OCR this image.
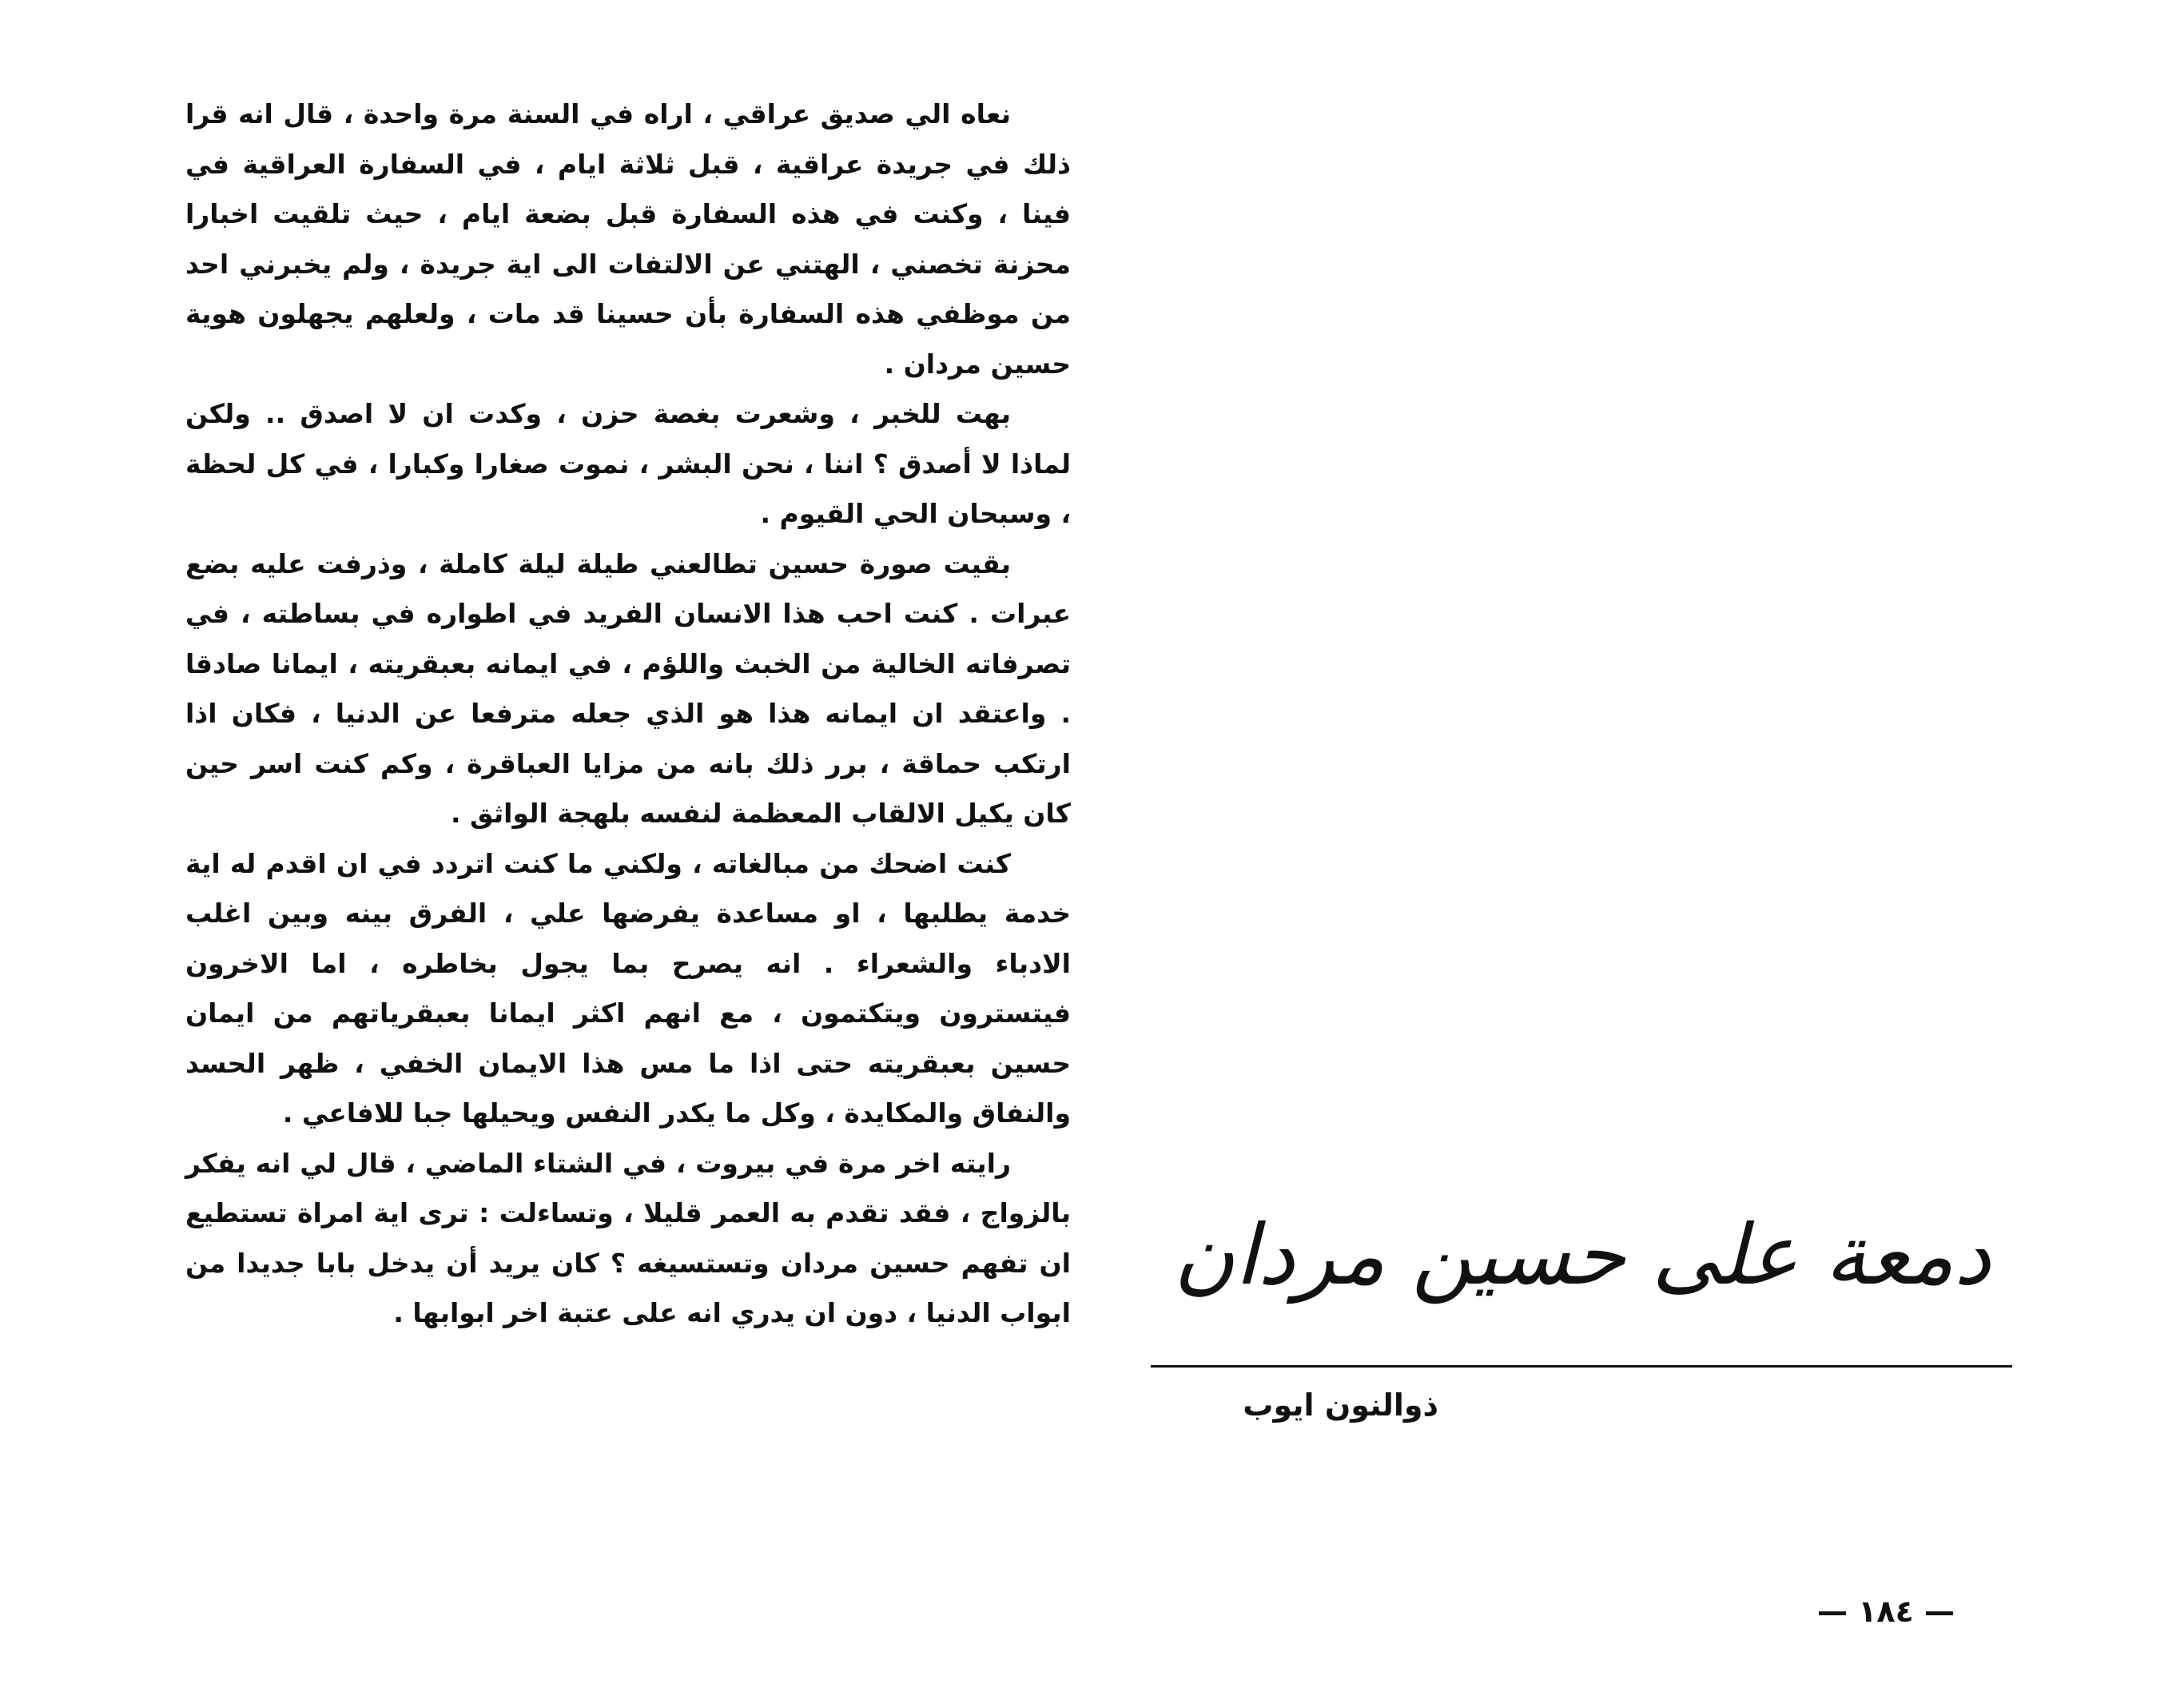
نعاه الي صديق عراقي ، اراه في السنة مرة واحدة ، قال انه قرا ذلك في جريدة عراقية ، قبل ثلاثة ايام ، في السفارة العراقية في فينا ، وكنت في هذه السفارة قبل بضعة ايام ، حيث تلقيت اخبارا محزنة تخصني ، الهتني عن الالتفات الى اية جريدة ، ولم يخبرني احد من موظفي هذه السفارة بأن حسينا قد مات ، ولعلهم يجهلون هوية حسين مردان .

بهت للخبر ، وشعرت بغصة حزن ، وكدت ان لا اصدق .. ولكن لماذا لا أصدق ؟ اننا ، نحن البشر ، نموت صغارا وكبارا ، في كل لحظة ، وسبحان الحي القيوم .

بقيت صورة حسين تطالعني طيلة ليلة كاملة ، وذرفت عليه بضع عبرات . كنت احب هذا الانسان الفريد في اطواره في بساطته ، في تصرفاته الخالية من الخبث واللؤم ، في ايمانه بعبقريته ، ايمانا صادقا . واعتقد ان ايمانه هذا هو الذي جعله مترفعا عن الدنيا ، فكان اذا ارتكب حماقة ، برر ذلك بانه من مزايا العباقرة ، وكم كنت اسر حين كان يكيل الالقاب المعظمة لنفسه بلهجة الواثق .

كنت اضحك من مبالغاته ، ولكني ما كنت اتردد في ان اقدم له اية خدمة يطلبها ، او مساعدة يفرضها علي ، الفرق بينه وبين اغلب الادباء والشعراء . انه يصرح بما يجول بخاطره ، اما الاخرون فيتسترون ويتكتمون ، مع انهم اكثر ايمانا بعبقرياتهم من ايمان حسين بعبقريته حتى اذا ما مس هذا الايمان الخفي ، ظهر الحسد والنفاق والمكايدة ، وكل ما يكدر النفس ويحيلها جبا للافاعي .

رايته اخر مرة في بيروت ، في الشتاء الماضي ، قال لي انه يفكر بالزواج ، فقد تقدم به العمر قليلا ، وتساءلت : ترى اية امراة تستطيع ان تفهم حسين مردان وتستسيغه ؟ كان يريد أن يدخل بابا جديدا من ابواب الدنيا ، دون ان يدري انه على عتبة اخر ابوابها .

دمعة على حسين مردان

ذوالنون ايوب

— ١٨٤ —
